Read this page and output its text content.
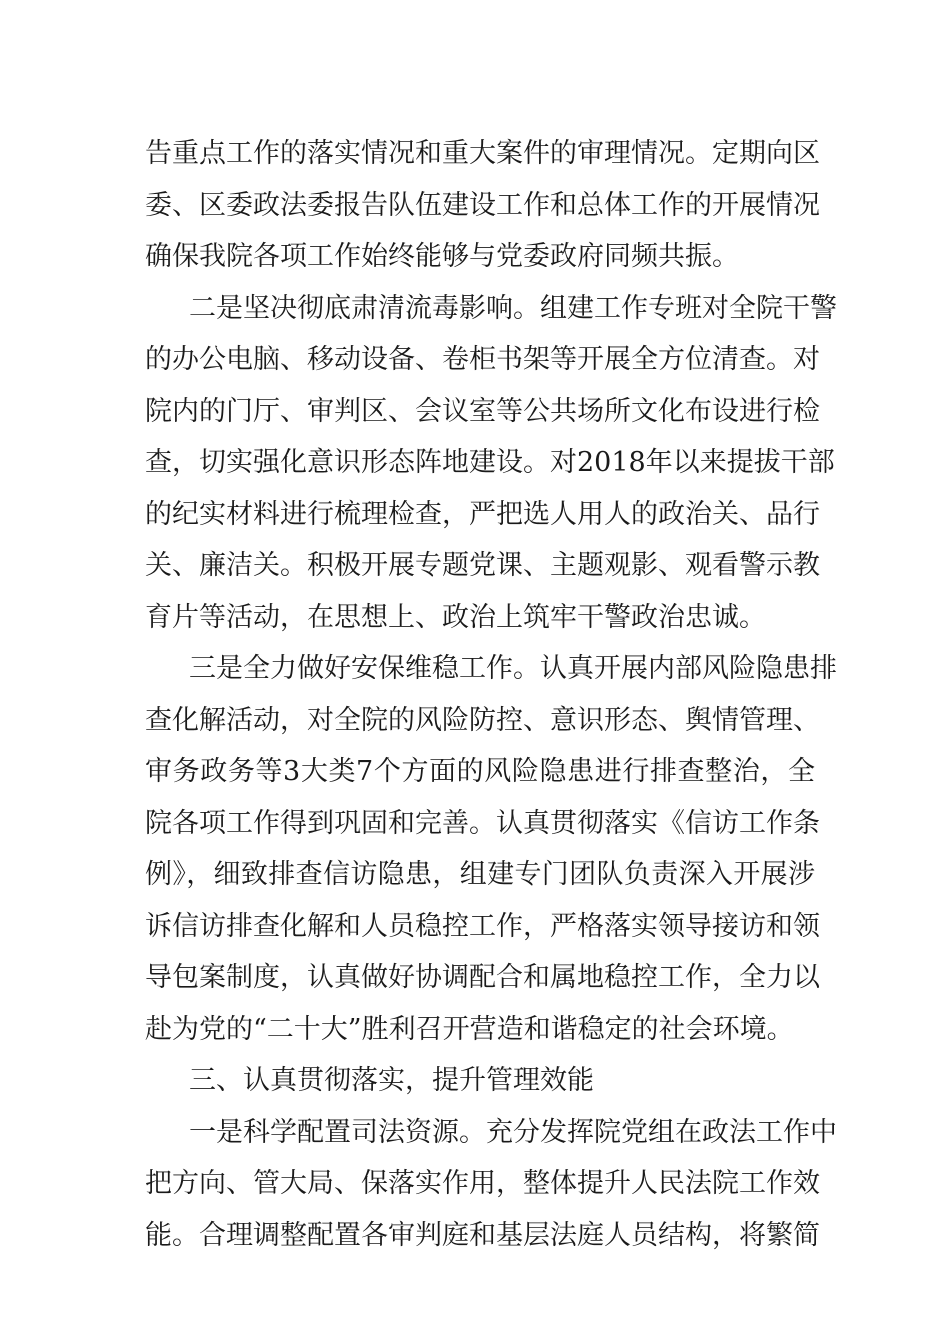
告重点工作的落实情况和重大案件的审理情况。定期向区
委、区委政法委报告队伍建设工作和总体工作的开展情况
确保我院各项工作始终能够与党委政府同频共振。
二是坚决彻底肃清流毒影响。组建工作专班对全院干警
的办公电脑、移动设备、卷柜书架等开展全方位清查。对
院内的门厅、审判区、会议室等公共场所文化布设进行检
查，切实强化意识形态阵地建设。对2018年以来提拔干部
的纪实材料进行梳理检查，严把选人用人的政治关、品行
关、廉洁关。积极开展专题党课、主题观影、观看警示教
育片等活动，在思想上、政治上筑牢干警政治忠诚。
三是全力做好安保维稳工作。认真开展内部风险隐患排
查化解活动，对全院的风险防控、意识形态、舆情管理、
审务政务等3大类7个方面的风险隐患进行排查整治，全
院各项工作得到巩固和完善。认真贯彻落实《信访工作条
例》，细致排查信访隐患，组建专门团队负责深入开展涉
诉信访排查化解和人员稳控工作，严格落实领导接访和领
导包案制度，认真做好协调配合和属地稳控工作，全力以
赴为党的“二十大”胜利召开营造和谐稳定的社会环境。
三、认真贯彻落实，提升管理效能
一是科学配置司法资源。充分发挥院党组在政法工作中
把方向、管大局、保落实作用，整体提升人民法院工作效
能。合理调整配置各审判庭和基层法庭人员结构，将繁简
